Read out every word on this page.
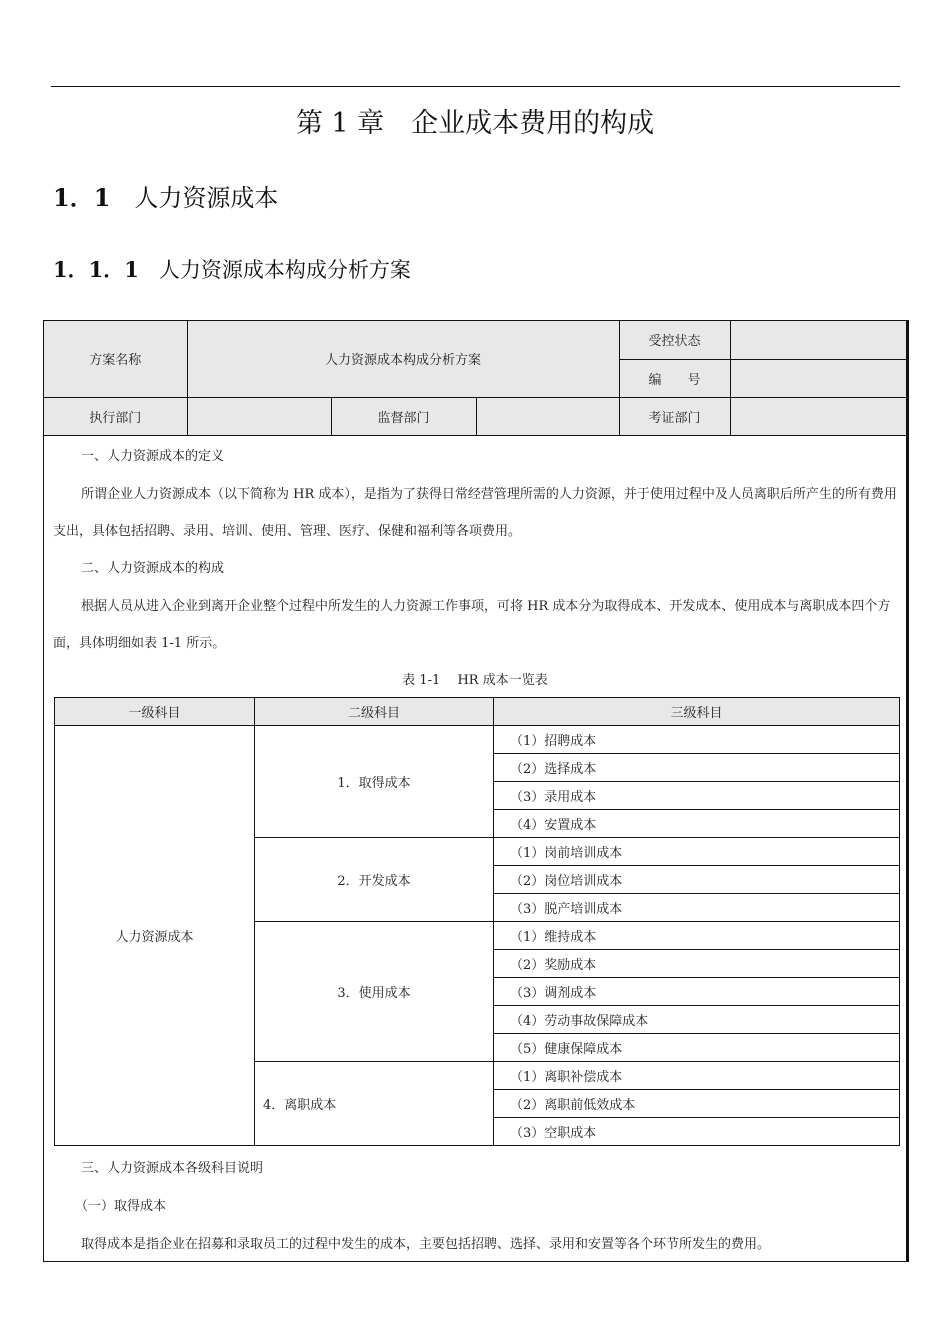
第 1 章　企业成本费用的构成
1．1 人力资源成本
1．1．1 人力资源成本构成分析方案
方案名称	人力资源成本构成分析方案			受控状态	
				编　　号	
执行部门		监督部门		考证部门	
一、人力资源成本的定义
所谓企业人力资源成本（以下简称为 HR 成本），是指为了获得日常经营管理所需的人力资源，并于使用过程中及人员离职后所产生的所有费用支出，具体包括招聘、录用、培训、使用、管理、医疗、保健和福利等各项费用。
二、人力资源成本的构成
根据人员从进入企业到离开企业整个过程中所发生的人力资源工作事项，可将 HR 成本分为取得成本、开发成本、使用成本与离职成本四个方面，具体明细如表 1-1 所示。
表 1-1　 HR 成本一览表
一级科目	二级科目	三级科目
人力资源成本	1．取得成本	（1）招聘成本
		（2）选择成本
		（3）录用成本
		（4）安置成本
	2．开发成本	（1）岗前培训成本
		（2）岗位培训成本
		（3）脱产培训成本
	3．使用成本	（1）维持成本
		（2）奖励成本
		（3）调剂成本
		（4）劳动事故保障成本
		（5）健康保障成本
	4．离职成本	（1）离职补偿成本
		（2）离职前低效成本
		（3）空职成本
三、人力资源成本各级科目说明
（一）取得成本
取得成本是指企业在招募和录取员工的过程中发生的成本，主要包括招聘、选择、录用和安置等各个环节所发生的费用。
